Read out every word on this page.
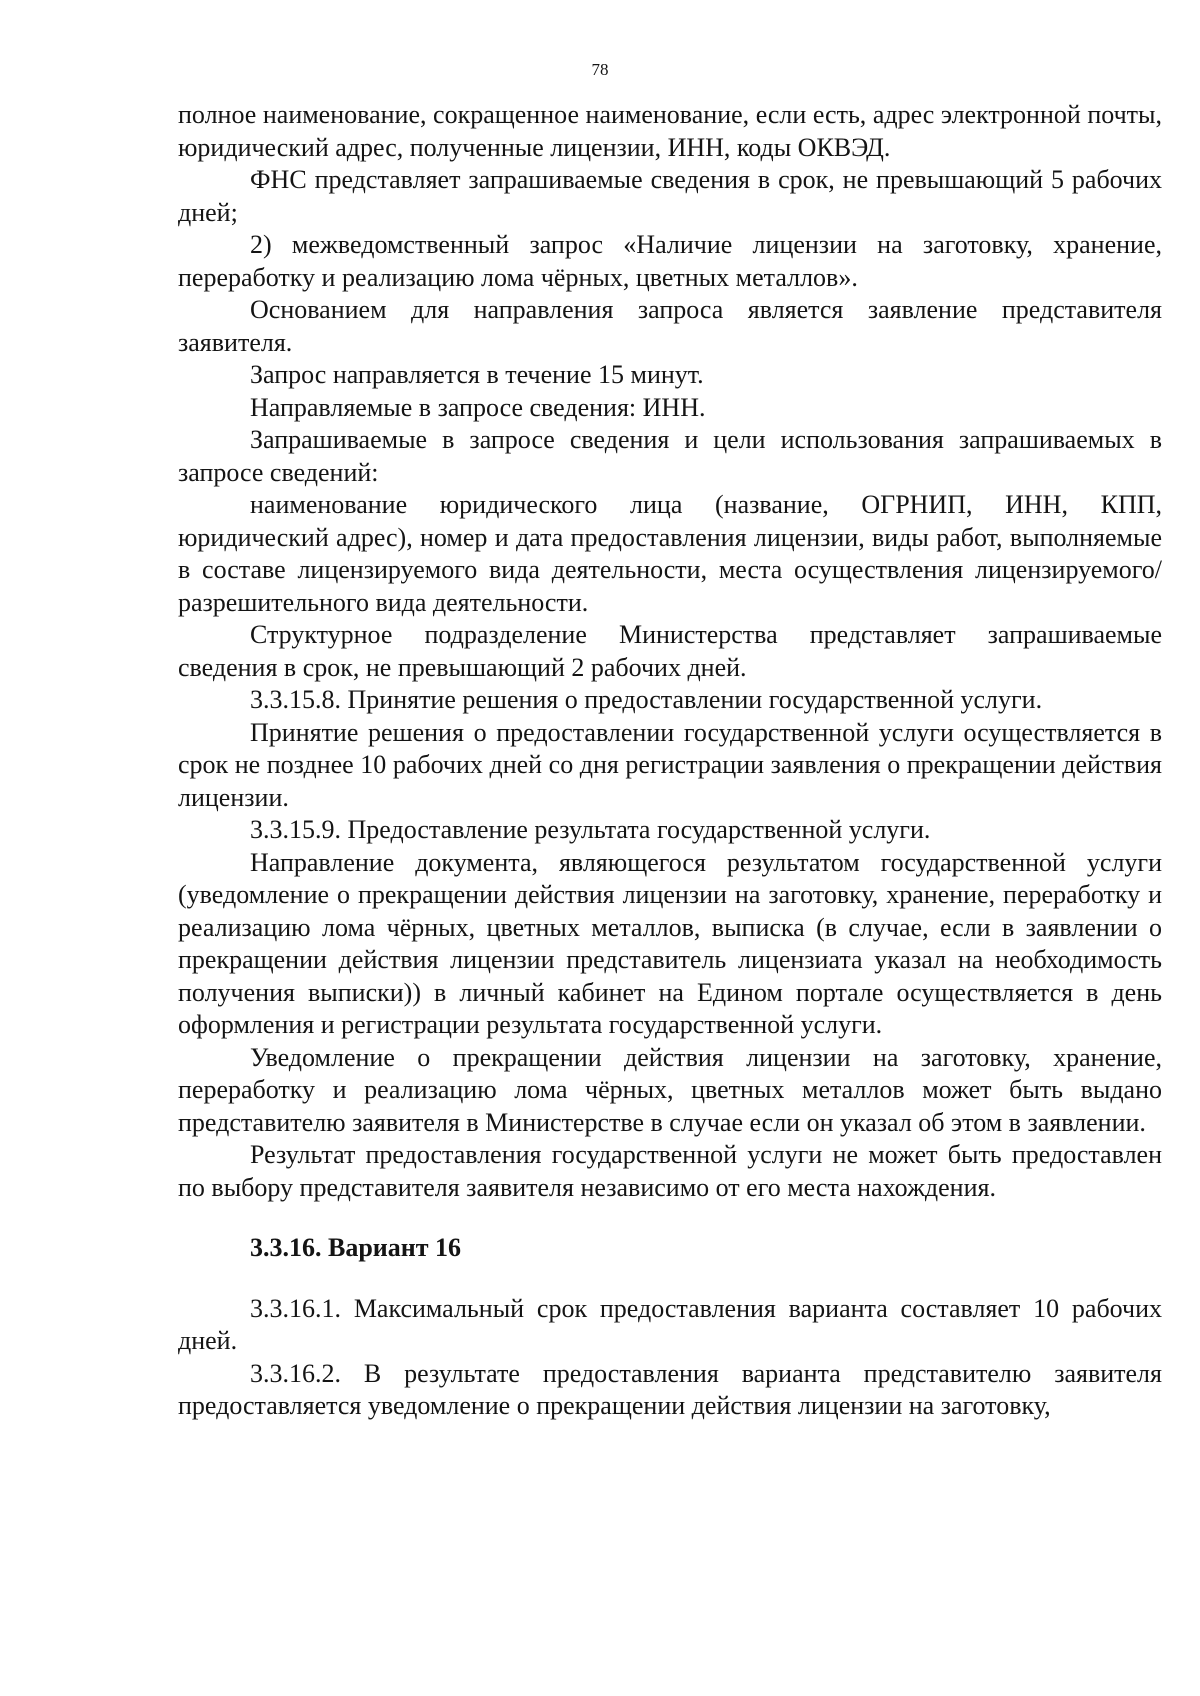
78

полное наименование, сокращенное наименование, если есть, адрес электронной почты, юридический адрес, полученные лицензии, ИНН, коды ОКВЭД.

ФНС представляет запрашиваемые сведения в срок, не превышающий 5 рабочих дней;

2) межведомственный запрос «Наличие лицензии на заготовку, хранение, переработку и реализацию лома чёрных, цветных металлов».

Основанием для направления запроса является заявление представителя заявителя.

Запрос направляется в течение 15 минут.

Направляемые в запросе сведения: ИНН.

Запрашиваемые в запросе сведения и цели использования запрашиваемых в запросе сведений:

наименование юридического лица (название, ОГРНИП, ИНН, КПП, юридический адрес), номер и дата предоставления лицензии, виды работ, выполняемые в составе лицензируемого вида деятельности, места осуществления лицензируемого/разрешительного вида деятельности.

Структурное подразделение Министерства представляет запрашиваемые сведения в срок, не превышающий 2 рабочих дней.

3.3.15.8. Принятие решения о предоставлении государственной услуги.

Принятие решения о предоставлении государственной услуги осуществляется в срок не позднее 10 рабочих дней со дня регистрации заявления о прекращении действия лицензии.

3.3.15.9. Предоставление результата государственной услуги.

Направление документа, являющегося результатом государственной услуги (уведомление о прекращении действия лицензии на заготовку, хранение, переработку и реализацию лома чёрных, цветных металлов, выписка (в случае, если в заявлении о прекращении действия лицензии представитель лицензиата указал на необходимость получения выписки)) в личный кабинет на Едином портале осуществляется в день оформления и регистрации результата государственной услуги.

Уведомление о прекращении действия лицензии на заготовку, хранение, переработку и реализацию лома чёрных, цветных металлов может быть выдано представителю заявителя в Министерстве в случае если он указал об этом в заявлении.

Результат предоставления государственной услуги не может быть предоставлен по выбору представителя заявителя независимо от его места нахождения.

3.3.16. Вариант 16

3.3.16.1. Максимальный срок предоставления варианта составляет 10 рабочих дней.

3.3.16.2. В результате предоставления варианта представителю заявителя предоставляется уведомление о прекращении действия лицензии на заготовку,
